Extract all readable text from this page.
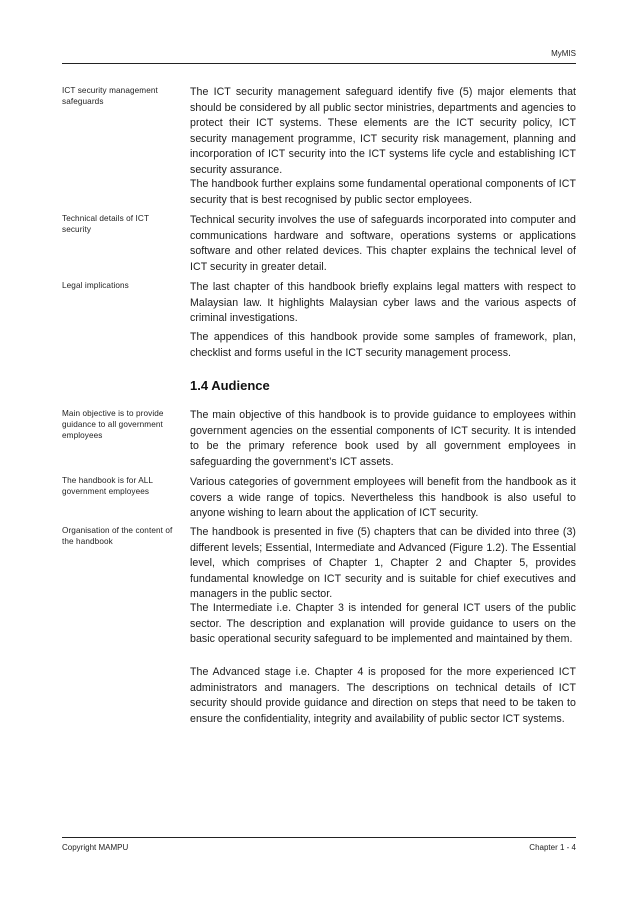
MyMIS
ICT security management safeguards
The ICT security management safeguard identify five (5) major elements that should be considered by all public sector ministries, departments and agencies to protect their ICT systems. These elements are the ICT security policy, ICT security management programme, ICT security risk management, planning and incorporation of ICT security into the ICT systems life cycle and establishing ICT security assurance.
The handbook further explains some fundamental operational components of ICT security that is best recognised by public sector employees.
Technical details of ICT security
Technical security involves the use of safeguards incorporated into computer and communications hardware and software, operations systems or applications software and other related devices. This chapter explains the technical level of ICT security in greater detail.
Legal implications	The last chapter of this handbook briefly explains legal matters with respect to Malaysian law. It highlights Malaysian cyber laws and the various aspects of criminal investigations.
The appendices of this handbook provide some samples of framework, plan, checklist and forms useful in the ICT security management process.
1.4 Audience
Main objective is to provide guidance to all government employees
The main objective of this handbook is to provide guidance to employees within government agencies on the essential components of ICT security. It is intended to be the primary reference book used by all government employees in safeguarding the government’s ICT assets.
The handbook is for ALL government employees
Various categories of government employees will benefit from the handbook as it covers a wide range of topics. Nevertheless this handbook is also useful to anyone wishing to learn about the application of ICT security.
Organisation of the content of the handbook
The handbook is presented in five (5) chapters that can be divided into three (3) different levels; Essential, Intermediate and Advanced (Figure 1.2). The Essential level, which comprises of Chapter 1, Chapter 2 and Chapter 5, provides fundamental knowledge on ICT security and is suitable for chief executives and managers in the public sector.
The Intermediate i.e. Chapter 3 is intended for general ICT users of the public sector. The description and explanation will provide guidance to users on the basic operational security safeguard to be implemented and maintained by them.
The Advanced stage i.e. Chapter 4 is proposed for the more experienced ICT administrators and managers. The descriptions on technical details of ICT security should provide guidance and direction on steps that need to be taken to ensure the confidentiality, integrity and availability of public sector ICT systems.
Copyright MAMPU	Chapter 1 - 4
